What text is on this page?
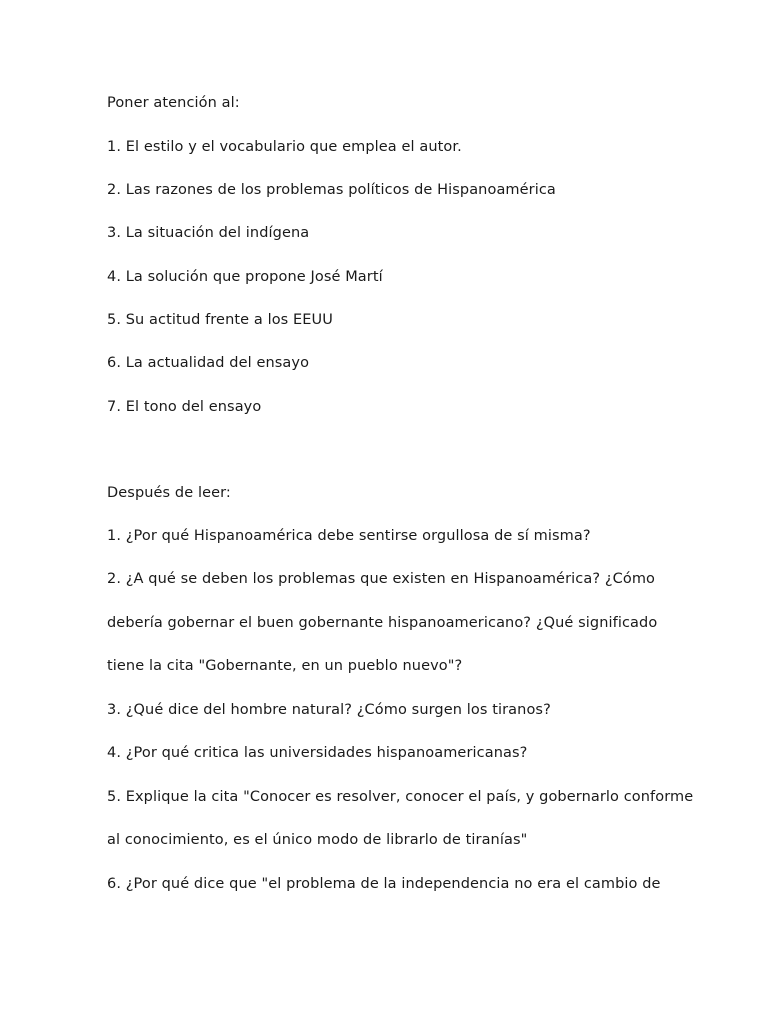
Poner atención al:

1. El estilo y el vocabulario que emplea el autor.

2. Las razones de los problemas políticos de Hispanoamérica

3. La situación del indígena

4. La solución que propone José Martí

5. Su actitud frente a los EEUU

6. La actualidad del ensayo

7. El tono del ensayo

Después de leer:

1. ¿Por qué Hispanoamérica debe sentirse orgullosa de sí misma?

2. ¿A qué se deben los problemas que existen en Hispanoamérica? ¿Cómo

debería gobernar el buen gobernante hispanoamericano? ¿Qué significado

tiene la cita "Gobernante, en un pueblo nuevo"?

3. ¿Qué dice del hombre natural? ¿Cómo surgen los tiranos?

4. ¿Por qué critica las universidades hispanoamericanas?

5. Explique la cita "Conocer es resolver, conocer el país, y gobernarlo conforme

al conocimiento, es el único modo de librarlo de tiranías"

6. ¿Por qué dice que "el problema de la independencia no era el cambio de
